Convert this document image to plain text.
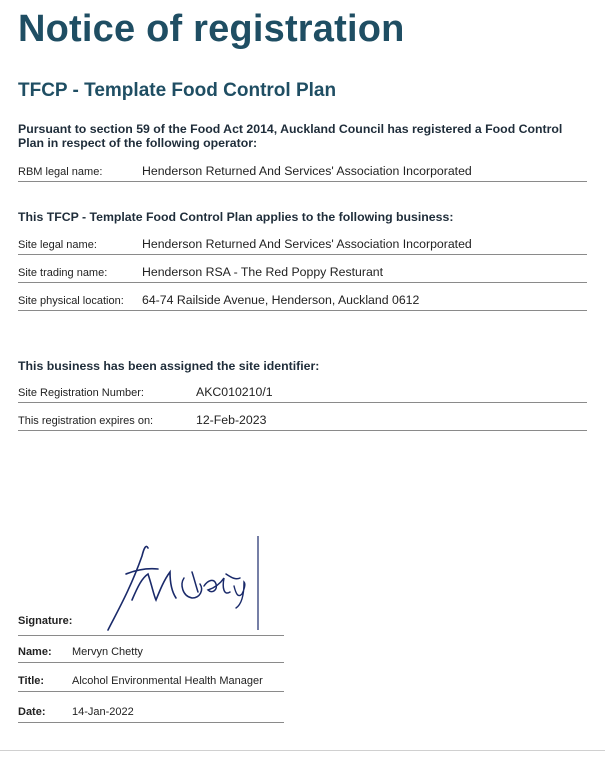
Notice of registration
TFCP - Template Food Control Plan
Pursuant to section 59 of the Food Act 2014, Auckland Council has registered a Food Control Plan in respect of the following operator:
RBM legal name:	Henderson Returned And Services' Association Incorporated
This TFCP - Template Food Control Plan applies to the following business:
Site legal name:	Henderson Returned And Services' Association Incorporated
Site trading name:	Henderson RSA - The Red Poppy Resturant
Site physical location: 64-74 Railside Avenue, Henderson, Auckland 0612
This business has been assigned the site identifier:
Site Registration Number:	AKC010210/1
This registration expires on:	12-Feb-2023
Signature:
Name: Mervyn Chetty
Title:	Alcohol Environmental Health Manager
Date: 14-Jan-2022
